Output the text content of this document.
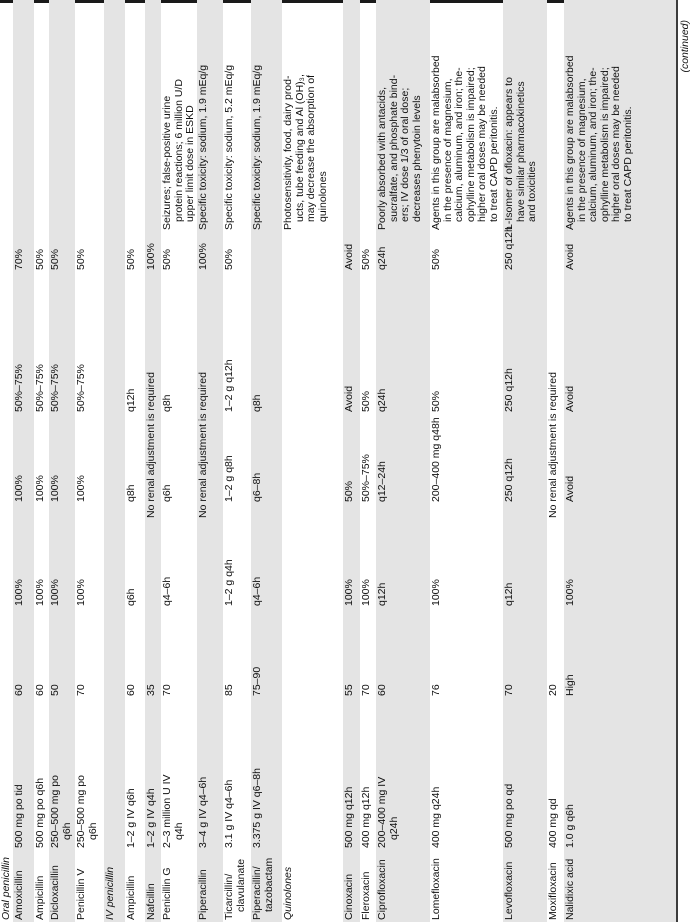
Oral penicillin Amoxicillin
500 mg po tid
60
100%
100%
50%–75%
70%
Ampicillin
500 mg po q6h
60
100%
100%
50%–75%
50%
Dicloxacillin
250–500 mg po q6h
50
100%
100%
50%–75%
50%
Penicillin V
250–500 mg po q6h
70
100%
100%
50%–75%
50%
IV penicillin Ampicillin
1–2 g IV q6h
60
q6h
q8h
q12h
50%
Nafcillin
1–2 g IV q4h
35
No renal adjustment is required
100%
Penicillin G
2–3 million U IV q4h
70
q4–6h
q6h
q8h
50%
Seizures; false-positive urine protein reactions; 6 million U/D upper limit dose in ESKD
Piperacillin
3–4 g IV q4–6h
No renal adjustment is required
100%
Specific toxicity: sodium, 1.9 mEq/g
Ticarcillin/ clavulanate
3.1 g IV q4–6h
85
1–2 g q4h
1–2 g q8h
1–2 g q12h
50%
Specific toxicity: sodium, 5.2 mEq/g
Piperacillin/ tazobactam
3.375 g IV q6–8h
75–90
q4–6h
q6–8h
q8h
Specific toxicity: sodium, 1.9 mEq/g
Quinolones
Photosensitivity, food, dairy prod- ucts, tube feeding and Al (OH)₃, may decrease the absorption of quinolones
Cinoxacin
500 mg q12h
55
100%
50%
Avoid
Avoid
Fleroxacin
400 mg q12h
70
100%
50%–75%
50%
50%
Ciprofloxacin
200–400 mg IV q24h
60
q12h
q12–24h
q24h
q24h
Poorly absorbed with antacids, sucralfate, and phosphate bind- ers; IV dose 1/3 of oral dose; decreases phenytoin levels
Lomefloxacin
400 mg q24h
76
100%
200–400 mg q48h
50%
50%
Agents in this group are malabsorbed in the presence of magnesium, calcium, aluminum, and iron; the- ophylline metabolism is impaired; higher oral doses may be needed to treat CAPD peritonitis.
Levofloxacin
500 mg po qd
70
q12h
250 q12h
250 q12h
250 q12h
L-Isomer of ofloxacin: appears to have similar pharmacokinetics and toxicities
Moxifloxacin
400 mg qd
20
No renal adjustment is required
Nalidixic acid
1.0 g q6h
High
100%
Avoid
Avoid
Avoid
Agents in this group are malabsorbed in the presence of magnesium, calcium, aluminum, and iron; the- ophylline metabolism is impaired; higher oral doses may be needed to treat CAPD peritonitis.
(continued)
